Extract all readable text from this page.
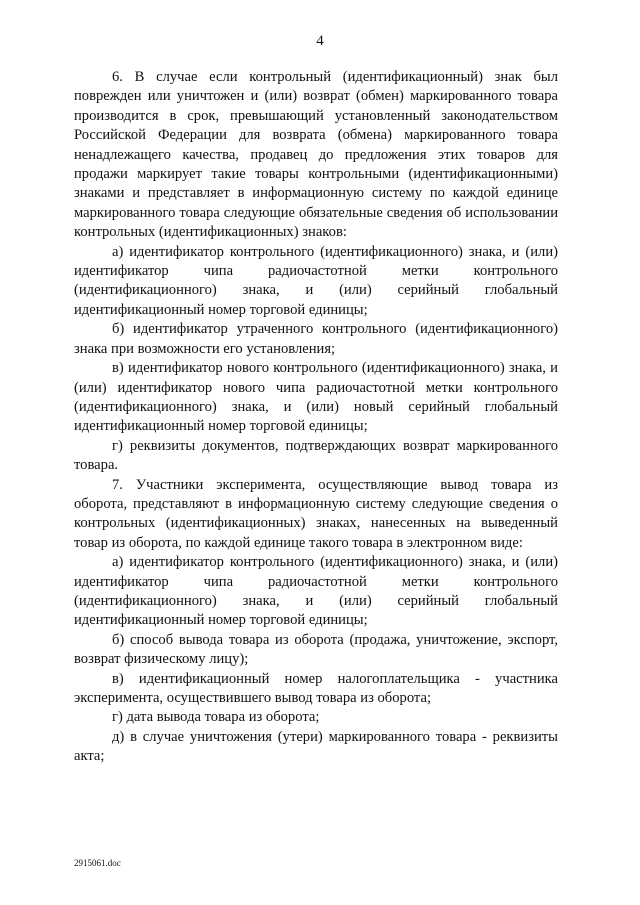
4

6. В случае если контрольный (идентификационный) знак был поврежден или уничтожен и (или) возврат (обмен) маркированного товара производится в срок, превышающий установленный законодательством Российской Федерации для возврата (обмена) маркированного товара ненадлежащего качества, продавец до предложения этих товаров для продажи маркирует такие товары контрольными (идентификационными) знаками и представляет в информационную систему по каждой единице маркированного товара следующие обязательные сведения об использовании контрольных (идентификационных) знаков:

а) идентификатор контрольного (идентификационного) знака, и (или) идентификатор чипа радиочастотной метки контрольного (идентификационного) знака, и (или) серийный глобальный идентификационный номер торговой единицы;

б) идентификатор утраченного контрольного (идентификационного) знака при возможности его установления;

в) идентификатор нового контрольного (идентификационного) знака, и (или) идентификатор нового чипа радиочастотной метки контрольного (идентификационного) знака, и (или) новый серийный глобальный идентификационный номер торговой единицы;

г) реквизиты документов, подтверждающих возврат маркированного товара.

7. Участники эксперимента, осуществляющие вывод товара из оборота, представляют в информационную систему следующие сведения о контрольных (идентификационных) знаках, нанесенных на выведенный товар из оборота, по каждой единице такого товара в электронном виде:

а) идентификатор контрольного (идентификационного) знака, и (или) идентификатор чипа радиочастотной метки контрольного (идентификационного) знака, и (или) серийный глобальный идентификационный номер торговой единицы;

б) способ вывода товара из оборота (продажа, уничтожение, экспорт, возврат физическому лицу);

в) идентификационный номер налогоплательщика - участника эксперимента, осуществившего вывод товара из оборота;

г) дата вывода товара из оборота;

д) в случае уничтожения (утери) маркированного товара - реквизиты акта;

2915061.doc
